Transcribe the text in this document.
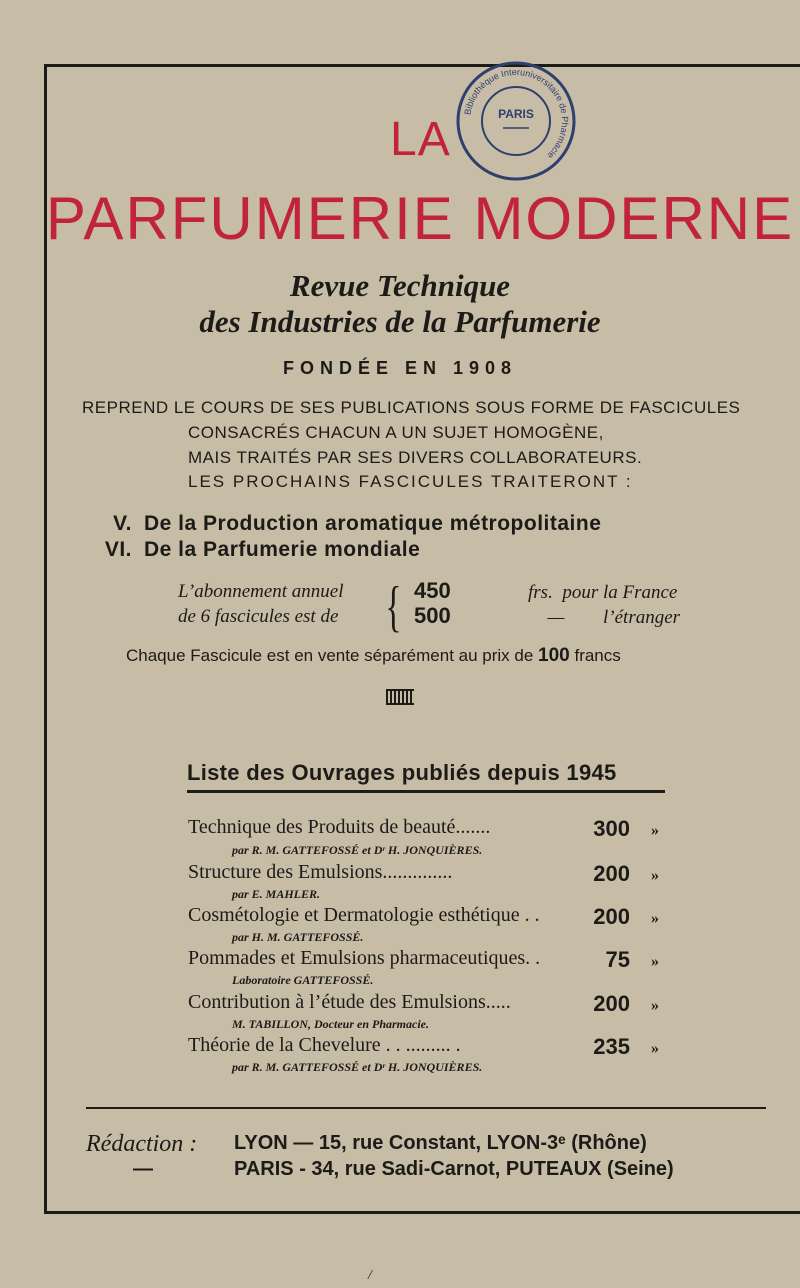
Bibliothèque Interuniversitaire de Pharmacie
PARIS
LA
PARFUMERIE MODERNE
Revue Technique
des Industries de la Parfumerie
FONDÉE EN 1908
REPREND LE COURS DE SES PUBLICATIONS SOUS FORME DE FASCICULES
CONSACRÉS CHACUN A UN SUJET HOMOGÈNE,
MAIS TRAITÉS PAR SES DIVERS COLLABORATEURS.
LES PROCHAINS FASCICULES TRAITERONT :
V. De la Production aromatique métropolitaine
VI. De la Parfumerie mondiale
L’abonnement annuel
de 6 fascicules est de { 450
500
frs. pour la France
— l’étranger
Chaque Fascicule est en vente séparément au prix de 100 francs
Liste des Ouvrages publiés depuis 1945
Technique des Produits de beauté.......
par R. M. GATTEFOSSÉ et Dʳ H. JONQUIÈRES.
300 »
Structure des Emulsions..............
par E. MAHLER.
200 »
Cosmétologie et Dermatologie esthétique . .
par H. M. GATTEFOSSÉ.
200 »
Pommades et Emulsions pharmaceutiques. .
Laboratoire GATTEFOSSÉ.
75 »
Contribution à l’étude des Emulsions.....
M. TABILLON, Docteur en Pharmacie.
200 »
Théorie de la Chevelure . . ......... .
par R. M. GATTEFOSSÉ et Dʳ H. JONQUIÈRES.
235 »
Rédaction : LYON — 15, rue Constant, LYON-3ᵉ (Rhône)
—	PARIS - 34, rue Sadi-Carnot, PUTEAUX (Seine)
/
